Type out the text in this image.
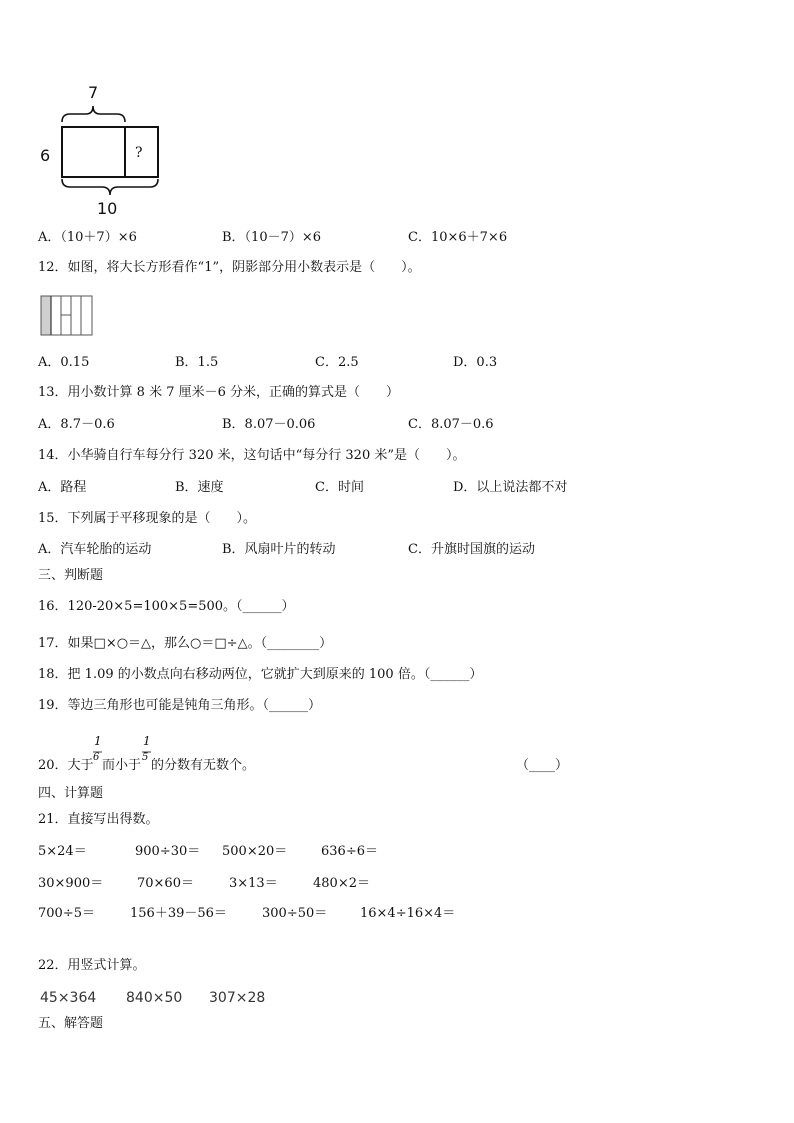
7
6	?
10
A．（10＋7）×6	B．（10－7）×6	C．10×6＋7×6
12．如图，将大长方形看作“1”，阴影部分用小数表示是（　　）。
A．0.15	B．1.5	C．2.5	D．0.3
13．用小数计算 8 米 7 厘米－6 分米，正确的算式是（　　）
A．8.7－0.6	B．8.07－0.06	C．8.07－0.6
14．小华骑自行车每分行 320 米，这句话中“每分行 320 米”是（　　）。
A．路程	B．速度	C．时间	D．以上说法都不对
15．下列属于平移现象的是（　　）。
A．汽车轮胎的运动	B．风扇叶片的转动	C．升旗时国旗的运动
三、判断题
16．120-20×5=100×5=500。（______）
17．如果□×○＝△，那么○＝□÷△。（________）
18．把 1.09 的小数点向右移动两位，它就扩大到原来的 100 倍。（______）
19．等边三角形也可能是钝角三角形。（______）
20．大于
1
6
而小于
1
5
的分数有无数个。	（____）
四、计算题
21．直接写出得数。
5×24＝	900÷30＝ 500×20＝	636÷6＝
30×900＝	70×60＝	3×13＝	480×2＝
700÷5＝	156＋39－56＝	300÷50＝	16×4÷16×4＝
22．用竖式计算。
45×364 840×50 307×28
五、解答题
